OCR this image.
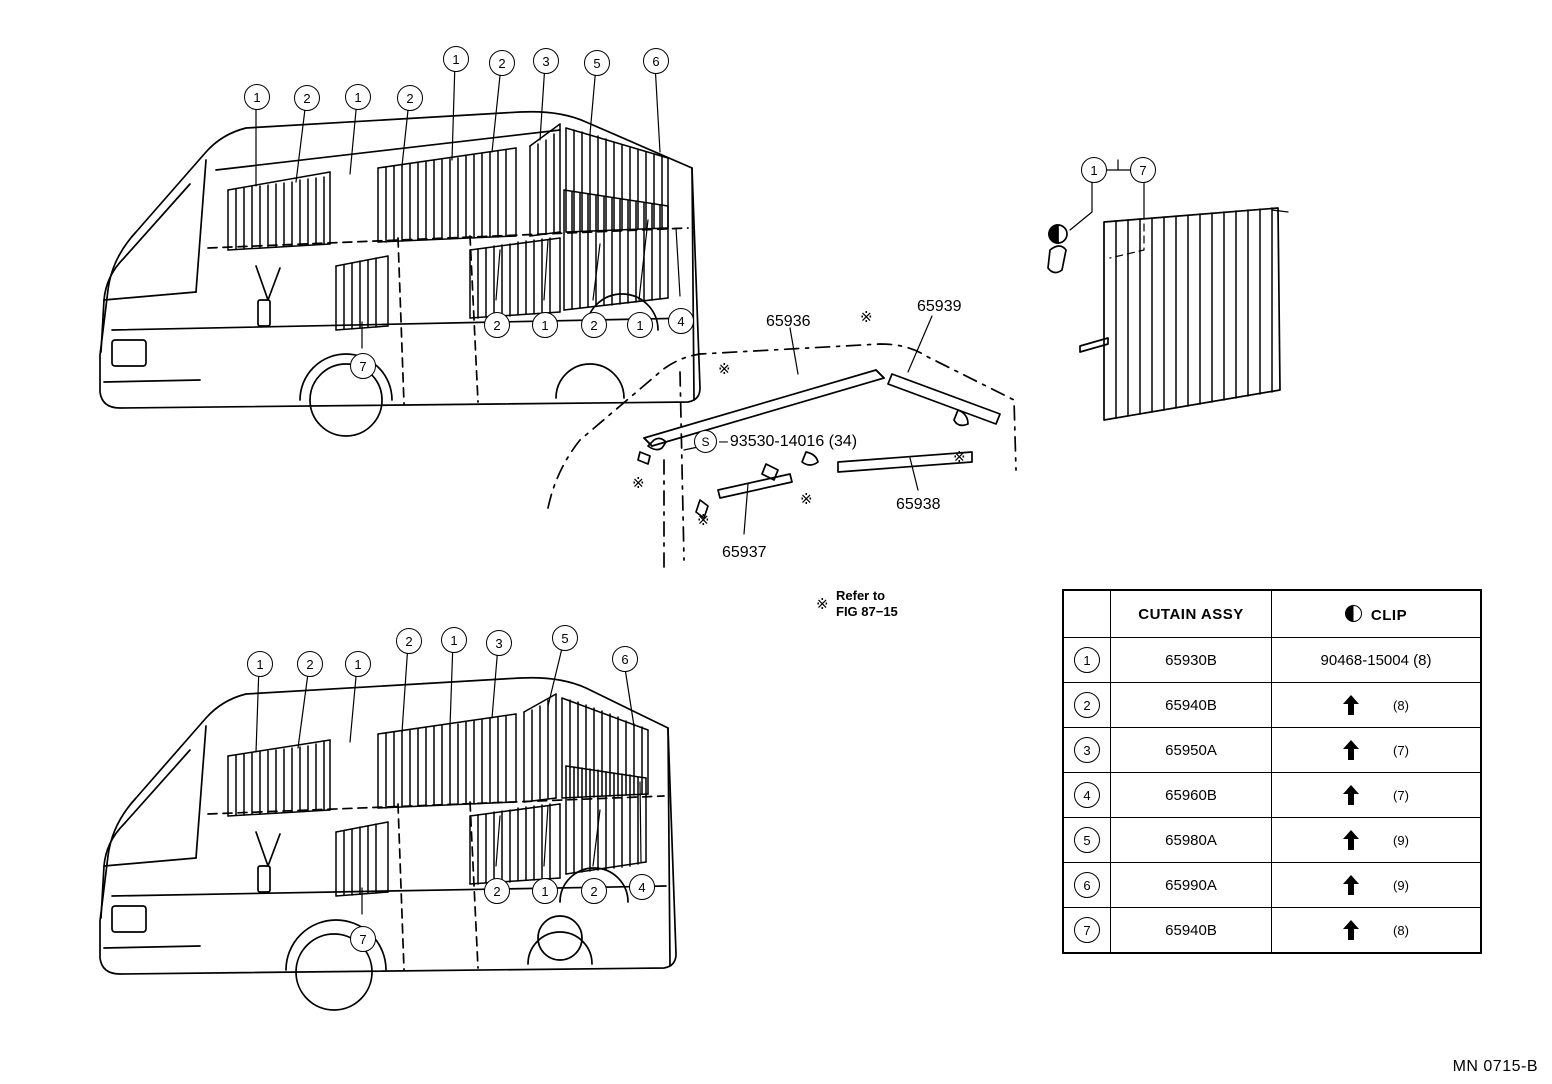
1	2	1	2
1	2	3	5	6
2	1	2	1	4
7
1	2	1
2	1	3	5
6
2	1	2	4
7
1	7
65936
65939
65937
65938
S – 93530-14016 (34)
※
※
※
※
※
※
※
Refer to
FIG 87−15
		CUTAIN ASSY	CLIP
1	65930B	90468-15004 (8)
2	65940B	(8)

3	65950A	(7)

4	65960B	(7)

5	65980A	(9)

6	65990A	(9)

7	65940B	(8)
MN 0715-B
